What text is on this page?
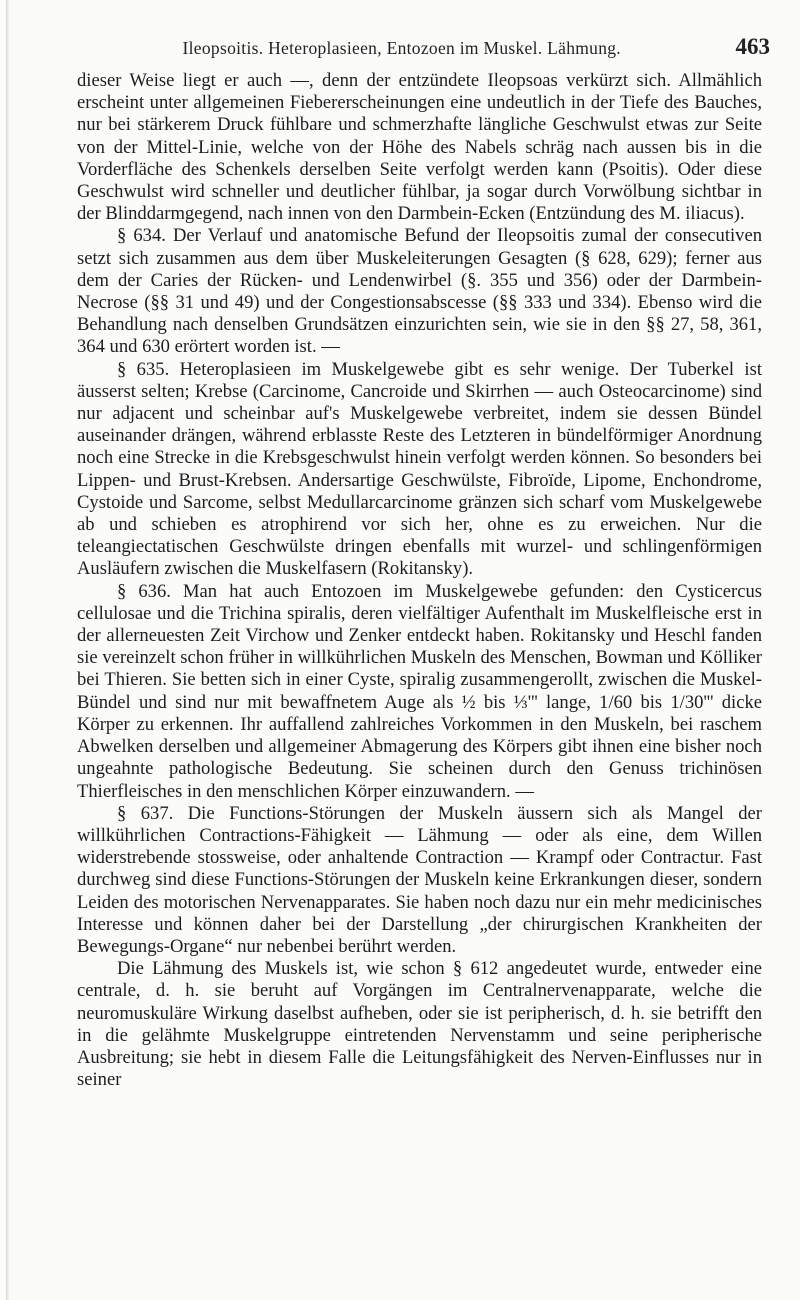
Ileopsoitis. Heteroplasieen, Entozoen im Muskel. Lähmung.	463

dieser Weise liegt er auch —, denn der entzündete Ileopsoas verkürzt sich. Allmählich erscheint unter allgemeinen Fiebererscheinungen eine undeutlich in der Tiefe des Bauches, nur bei stärkerem Druck fühlbare und schmerzhafte längliche Geschwulst etwas zur Seite von der Mittel-Linie, welche von der Höhe des Nabels schräg nach aussen bis in die Vorderfläche des Schenkels derselben Seite verfolgt werden kann (Psoitis). Oder diese Geschwulst wird schneller und deutlicher fühlbar, ja sogar durch Vorwölbung sichtbar in der Blinddarmgegend, nach innen von den Darmbein-Ecken (Entzündung des M. iliacus).

§ 634. Der Verlauf und anatomische Befund der Ileopsoitis zumal der consecutiven setzt sich zusammen aus dem über Muskeleiterungen Gesagten (§ 628, 629); ferner aus dem der Caries der Rücken- und Lendenwirbel (§. 355 und 356) oder der Darmbein-Necrose (§§ 31 und 49) und der Congestionsabscesse (§§ 333 und 334). Ebenso wird die Behandlung nach denselben Grundsätzen einzurichten sein, wie sie in den §§ 27, 58, 361, 364 und 630 erörtert worden ist. —

§ 635. Heteroplasieen im Muskelgewebe gibt es sehr wenige. Der Tuberkel ist äusserst selten; Krebse (Carcinome, Cancroide und Skirrhen — auch Osteocarcinome) sind nur adjacent und scheinbar auf's Muskelgewebe verbreitet, indem sie dessen Bündel auseinander drängen, während erblasste Reste des Letzteren in bündelförmiger Anordnung noch eine Strecke in die Krebsgeschwulst hinein verfolgt werden können. So besonders bei Lippen- und Brust-Krebsen. Andersartige Geschwülste, Fibroïde, Lipome, Enchondrome, Cystoide und Sarcome, selbst Medullarcarcinome gränzen sich scharf vom Muskelgewebe ab und schieben es atrophirend vor sich her, ohne es zu erweichen. Nur die teleangiectatischen Geschwülste dringen ebenfalls mit wurzel- und schlingenförmigen Ausläufern zwischen die Muskelfasern (Rokitansky).

§ 636. Man hat auch Entozoen im Muskelgewebe gefunden: den Cysticercus cellulosae und die Trichina spiralis, deren vielfältiger Aufenthalt im Muskelfleische erst in der allerneuesten Zeit Virchow und Zenker entdeckt haben. Rokitansky und Heschl fanden sie vereinzelt schon früher in willkührlichen Muskeln des Menschen, Bowman und Kölliker bei Thieren. Sie betten sich in einer Cyste, spiralig zusammengerollt, zwischen die Muskel-Bündel und sind nur mit bewaffnetem Auge als ½ bis ⅓''' lange, 1/60 bis 1/30''' dicke Körper zu erkennen. Ihr auffallend zahlreiches Vorkommen in den Muskeln, bei raschem Abwelken derselben und allgemeiner Abmagerung des Körpers gibt ihnen eine bisher noch ungeahnte pathologische Bedeutung. Sie scheinen durch den Genuss trichinösen Thierfleisches in den menschlichen Körper einzuwandern. —

§ 637. Die Functions-Störungen der Muskeln äussern sich als Mangel der willkührlichen Contractions-Fähigkeit — Lähmung — oder als eine, dem Willen widerstrebende stossweise, oder anhaltende Contraction — Krampf oder Contractur. Fast durchweg sind diese Functions-Störungen der Muskeln keine Erkrankungen dieser, sondern Leiden des motorischen Nervenapparates. Sie haben noch dazu nur ein mehr medicinisches Interesse und können daher bei der Darstellung „der chirurgischen Krankheiten der Bewegungs-Organe“ nur nebenbei berührt werden.

Die Lähmung des Muskels ist, wie schon § 612 angedeutet wurde, entweder eine centrale, d. h. sie beruht auf Vorgängen im Centralnervenapparate, welche die neuromuskuläre Wirkung daselbst aufheben, oder sie ist peripherisch, d. h. sie betrifft den in die gelähmte Muskelgruppe eintretenden Nervenstamm und seine peripherische Ausbreitung; sie hebt in diesem Falle die Leitungsfähigkeit des Nerven-Einflusses nur in seiner
